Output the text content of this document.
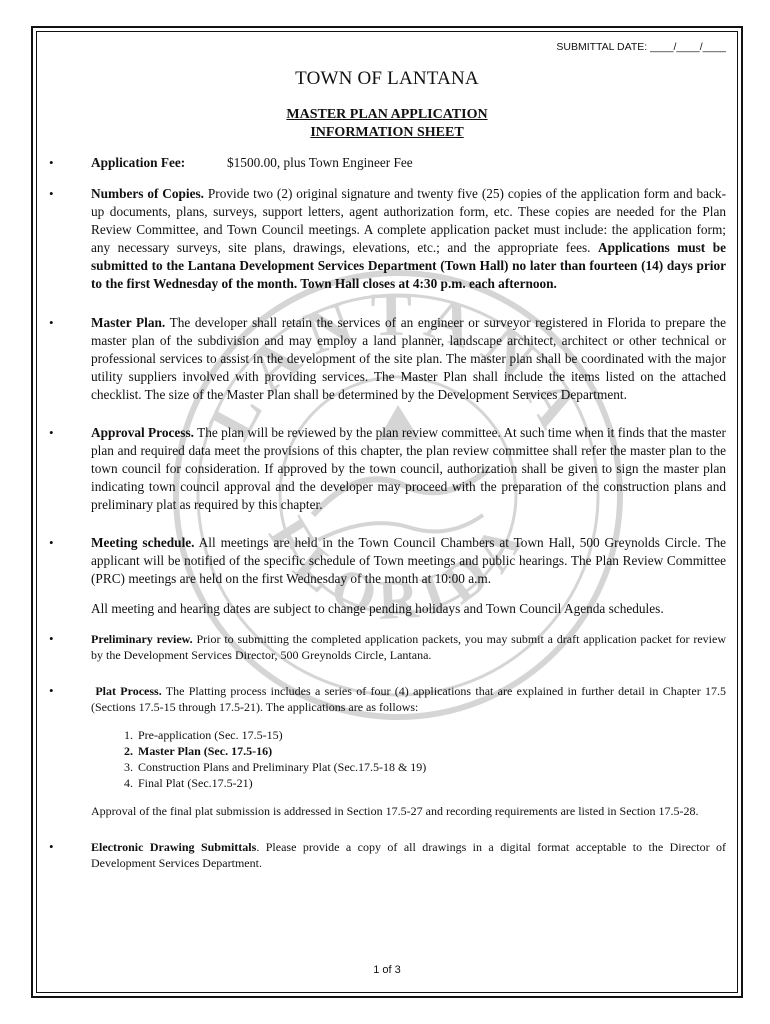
LANTANA
FLORIDA

SUBMITTAL DATE: ____/____/____

TOWN OF LANTANA
MASTER PLAN APPLICATION
INFORMATION SHEET
•	Application Fee:	$1500.00, plus Town Engineer Fee
•	Numbers of Copies. Provide two (2) original signature and twenty five (25) copies of the application form and back-up documents, plans, surveys, support letters, agent authorization form, etc. These copies are needed for the Plan Review Committee, and Town Council meetings. A complete application packet must include: the application form; any necessary surveys, site plans, drawings, elevations, etc.; and the appropriate fees. Applications must be submitted to the Lantana Development Services Department (Town Hall) no later than fourteen (14) days prior to the first Wednesday of the month. Town Hall closes at 4:30 p.m. each afternoon.
•	Master Plan. The developer shall retain the services of an engineer or surveyor registered in Florida to prepare the master plan of the subdivision and may employ a land planner, landscape architect, architect or other technical or professional services to assist in the development of the site plan. The master plan shall be coordinated with the major utility suppliers involved with providing services. The Master Plan shall include the items listed on the attached checklist. The size of the Master Plan shall be determined by the Development Services Department.
•	Approval Process. The plan will be reviewed by the plan review committee. At such time when it finds that the master plan and required data meet the provisions of this chapter, the plan review committee shall refer the master plan to the town council for consideration. If approved by the town council, authorization shall be given to sign the master plan indicating town council approval and the developer may proceed with the preparation of the construction plans and preliminary plat as required by this chapter.
•	Meeting schedule. All meetings are held in the Town Council Chambers at Town Hall, 500 Greynolds Circle. The applicant will be notified of the specific schedule of Town meetings and public hearings. The Plan Review Committee (PRC) meetings are held on the first Wednesday of the month at 10:00 a.m.
All meeting and hearing dates are subject to change pending holidays and Town Council Agenda schedules.
•	Preliminary review. Prior to submitting the completed application packets, you may submit a draft application packet for review by the Development Services Director, 500 Greynolds Circle, Lantana.
•	Plat Process. The Platting process includes a series of four (4) applications that are explained in further detail in Chapter 17.5 (Sections 17.5-15 through 17.5-21). The applications are as follows:
1. Pre-application (Sec. 17.5-15)
2. Master Plan (Sec. 17.5-16)
3. Construction Plans and Preliminary Plat (Sec.17.5-18 & 19)
4. Final Plat (Sec.17.5-21)
Approval of the final plat submission is addressed in Section 17.5-27 and recording requirements are listed in Section 17.5-28.
•	Electronic Drawing Submittals. Please provide a copy of all drawings in a digital format acceptable to the Director of Development Services Department.

1 of 3
